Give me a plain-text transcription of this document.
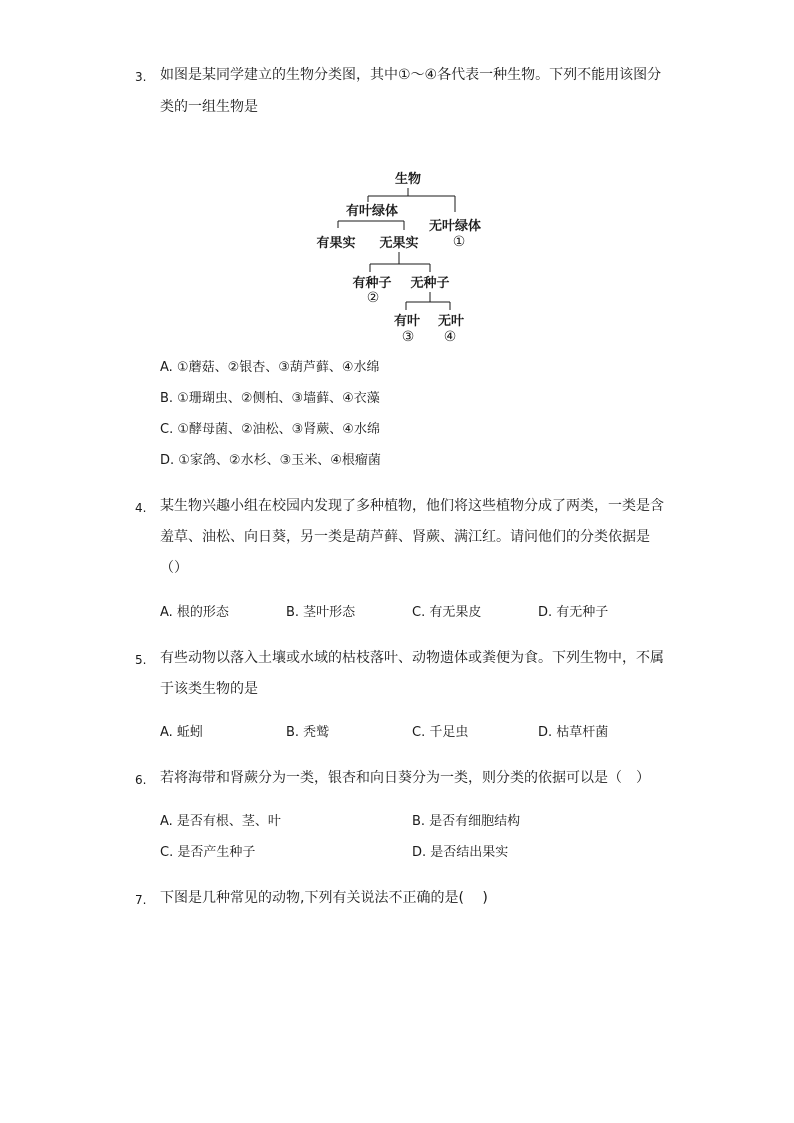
3. 如图是某同学建立的生物分类图，其中①～④各代表一种生物。下列不能用该图分
类的一组生物是
生物
有叶绿体
无叶绿体
①
有果实 无果实
有种子
②
无种子
有叶
③
无叶
④
A. ①蘑菇、②银杏、③葫芦藓、④水绵
B. ①珊瑚虫、②侧柏、③墙藓、④衣藻
C. ①酵母菌、②油松、③肾蕨、④水绵
D. ①家鸽、②水杉、③玉米、④根瘤菌
4. 某生物兴趣小组在校园内发现了多种植物，他们将这些植物分成了两类，一类是含
羞草、油松、向日葵，另一类是葫芦藓、肾蕨、满江红。请问他们的分类依据是
（）
A. 根的形态	B. 茎叶形态	C. 有无果皮	D. 有无种子
5. 有些动物以落入土壤或水域的枯枝落叶、动物遗体或粪便为食。下列生物中，不属
于该类生物的是
A. 蚯蚓	B. 秃鹫	C. 千足虫	D. 枯草杆菌
6. 若将海带和肾蕨分为一类，银杏和向日葵分为一类，则分类的依据可以是（　）
A. 是否有根、茎、叶	B. 是否有细胞结构
C. 是否产生种子	D. 是否结出果实
7. 下图是几种常见的动物,下列有关说法不正确的是(　 )
